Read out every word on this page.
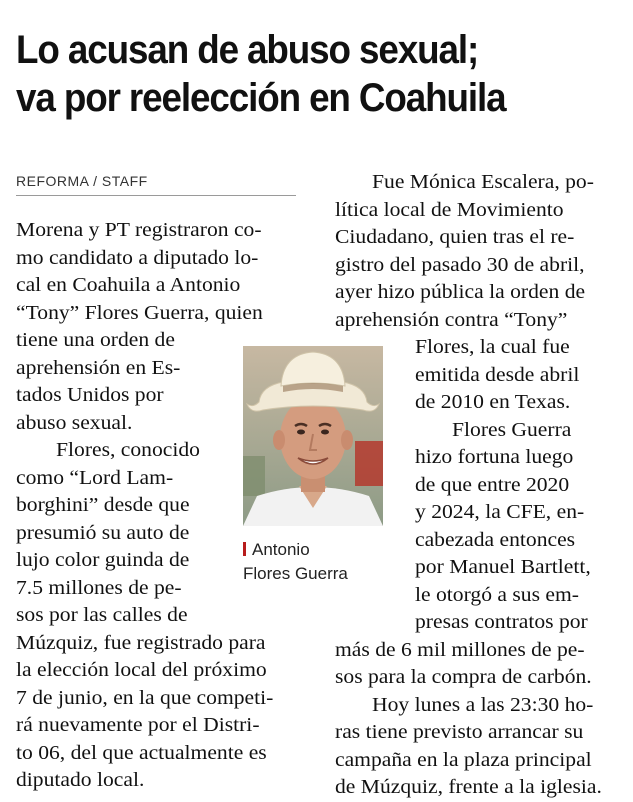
Lo acusan de abuso sexual;
va por reelección en Coahuila
REFORMA / STAFF
Morena y PT registraron co-
mo candidato a diputado lo-
cal en Coahuila a Antonio
“Tony” Flores Guerra, quien
tiene una orden de
aprehensión en Es-
tados Unidos por
abuso sexual.
Flores, conocido
como “Lord Lam-
borghini” desde que
presumió su auto de
lujo color guinda de
7.5 millones de pe-
sos por las calles de
Múzquiz, fue registrado para
la elección local del próximo
7 de junio, en la que competi-
rá nuevamente por el Distri-
to 06, del que actualmente es
diputado local.
Antonio
Flores Guerra
Fue Mónica Escalera, po-
lítica local de Movimiento
Ciudadano, quien tras el re-
gistro del pasado 30 de abril,
ayer hizo pública la orden de
aprehensión contra “Tony”
Flores, la cual fue
emitida desde abril
de 2010 en Texas.
Flores Guerra
hizo fortuna luego
de que entre 2020
y 2024, la CFE, en-
cabezada entonces
por Manuel Bartlett,
le otorgó a sus em-
presas contratos por
más de 6 mil millones de pe-
sos para la compra de carbón.
Hoy lunes a las 23:30 ho-
ras tiene previsto arrancar su
campaña en la plaza principal
de Múzquiz, frente a la iglesia.
